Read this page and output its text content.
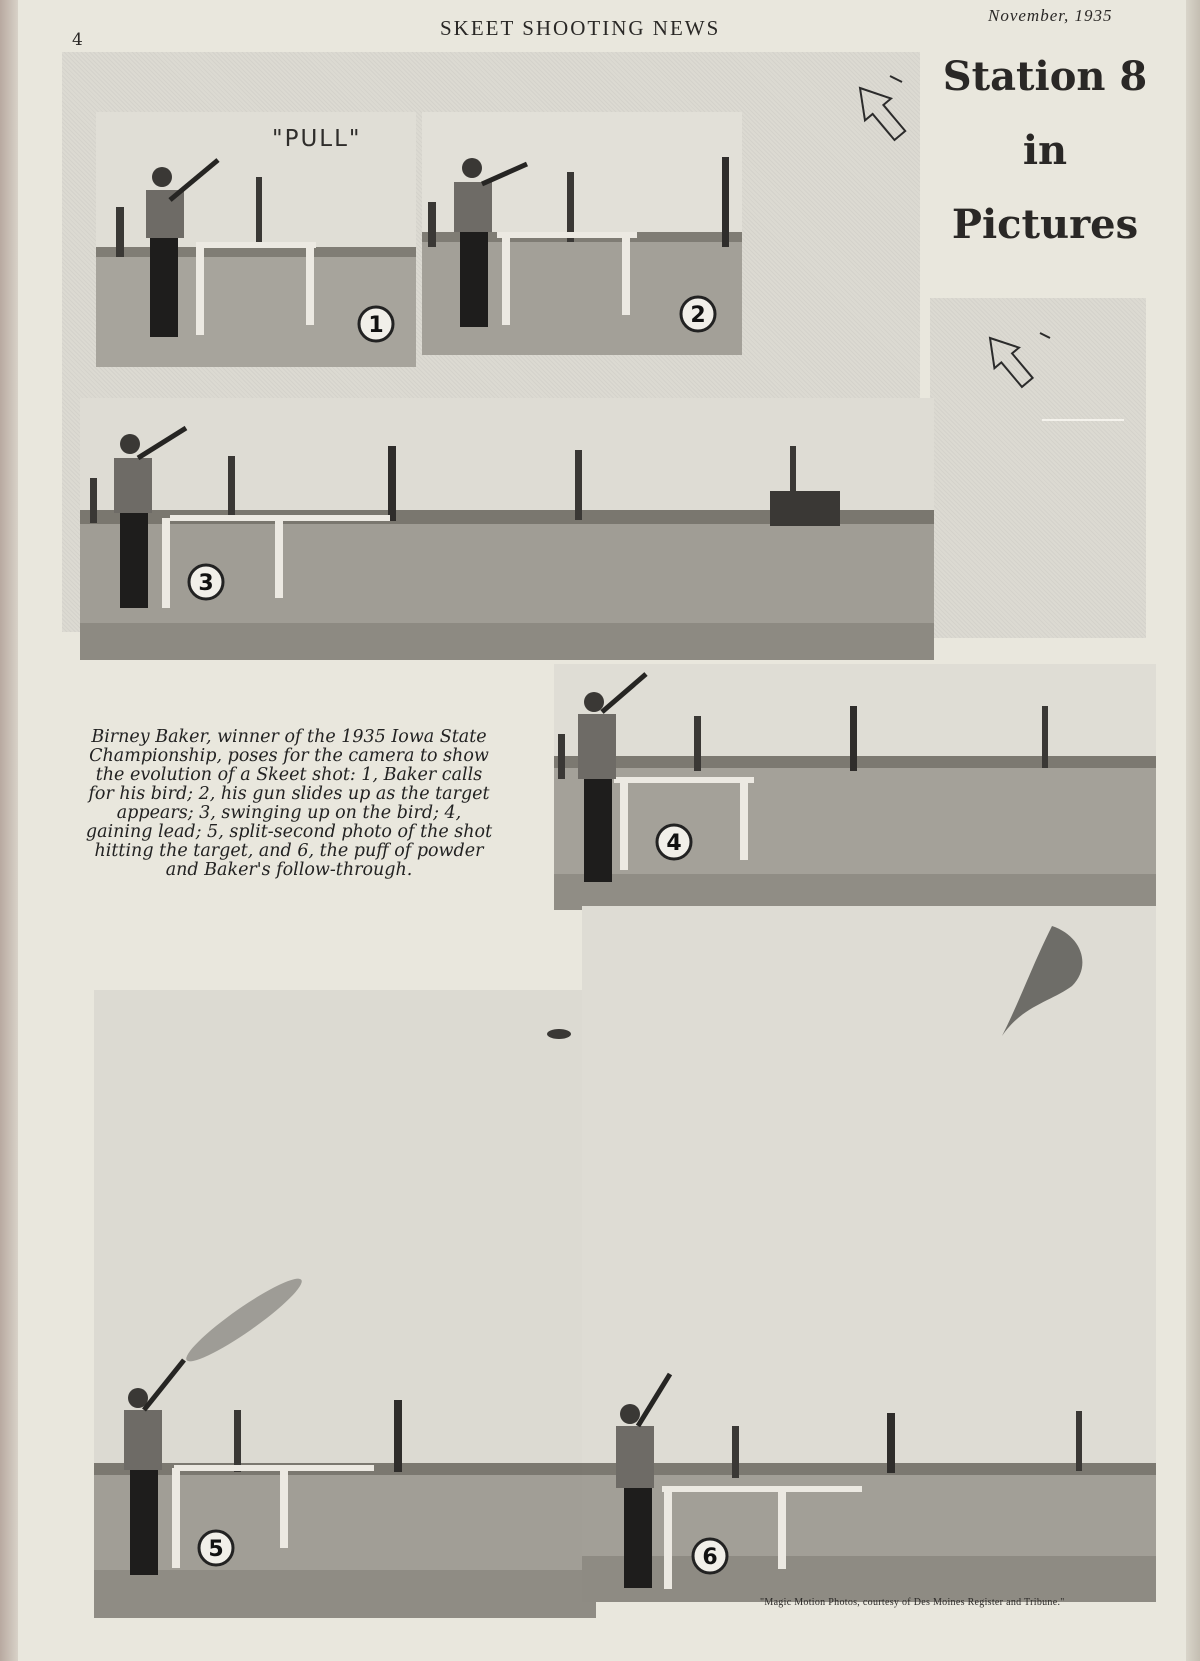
4	SKEET SHOOTING NEWS
November, 1935
Station 8
in
Pictures
"PULL"
1	2
3
Birney Baker, winner of the 1935 Iowa State Championship, poses for the camera to show the evolution of a Skeet shot: 1, Baker calls for his bird; 2, his gun slides up as the target appears; 3, swinging up on the bird; 4, gaining lead; 5, split-second photo of the shot hitting the target, and 6, the puff of powder and Baker's follow-through.
4
5	6
"Magic Motion Photos, courtesy of Des Moines Register and Tribune."
